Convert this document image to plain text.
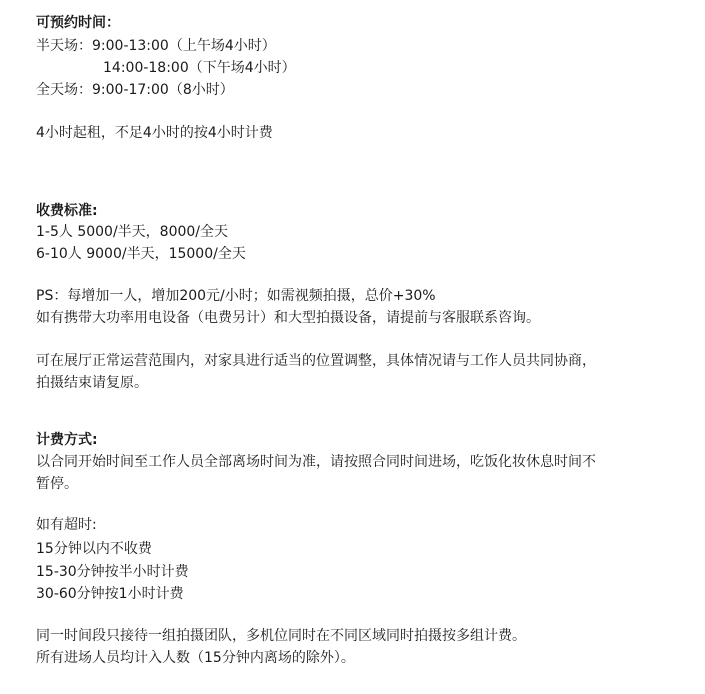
可预约时间：
半天场：9:00-13:00（上午场4小时）
14:00-18:00（下午场4小时）
全天场：9:00-17:00（8小时）
4小时起租，不足4小时的按4小时计费
收费标准:
1-5人 5000/半天，8000/全天
6-10人 9000/半天，15000/全天
PS：每增加一人，增加200元/小时；如需视频拍摄，总价+30%
如有携带大功率用电设备（电费另计）和大型拍摄设备，请提前与客服联系咨询。
可在展厅正常运营范围内，对家具进行适当的位置调整，具体情况请与工作人员共同协商，
拍摄结束请复原。
计费方式:
以合同开始时间至工作人员全部离场时间为准，请按照合同时间进场，吃饭化妆休息时间不
暂停。
如有超时:
15分钟以内不收费
15-30分钟按半小时计费
30-60分钟按1小时计费
同一时间段只接待一组拍摄团队，多机位同时在不同区域同时拍摄按多组计费。
所有进场人员均计入人数（15分钟内离场的除外）。
